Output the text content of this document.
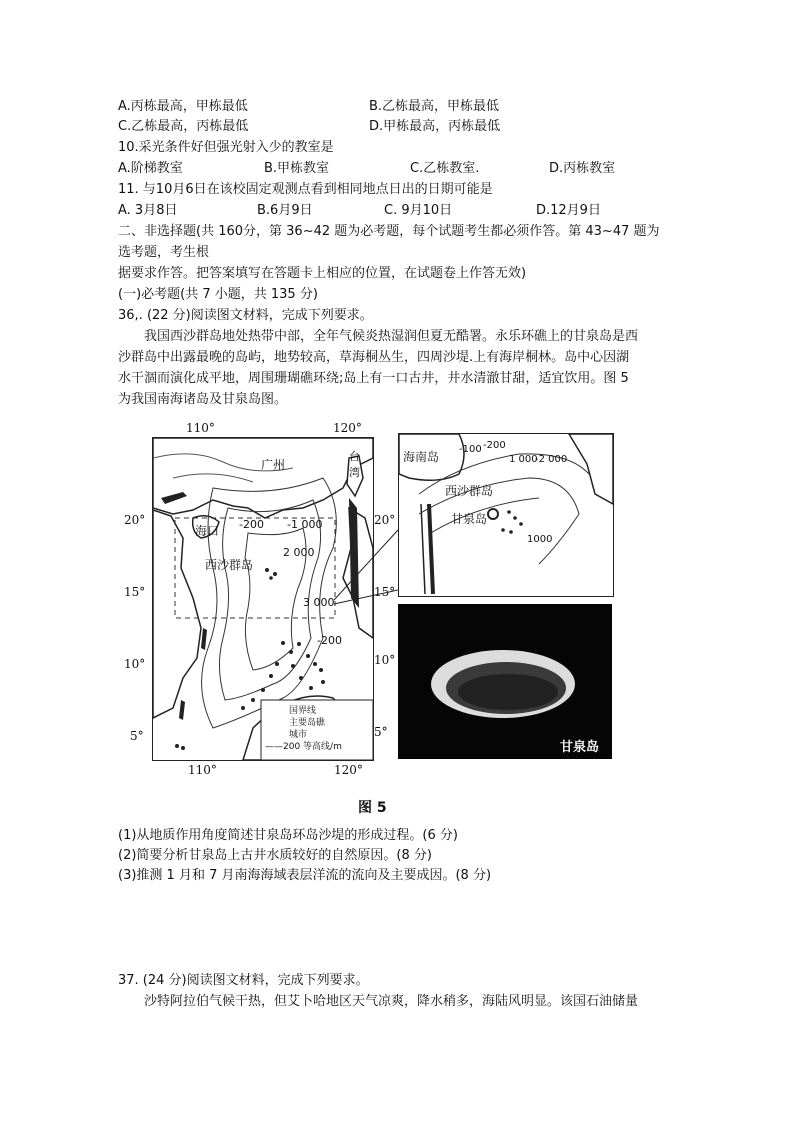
A.丙栋最高，甲栋最低	B.乙栋最高，甲栋最低
C.乙栋最高，丙栋最低	D.甲栋最高，丙栋最低
10.采光条件好但强光射入少的教室是
A.阶梯教室	B.甲栋教室	C.乙栋教室.	D.丙栋教室
11. 与10月6日在该校固定观测点看到相同地点日出的日期可能是
A. 3月8日	B.6月9日	C. 9月10日	D.12月9日
二、非选择题(共 160分，第 36~42 题为必考题，每个试题考生都必须作答。第 43~47 题为
选考题，考生根
据要求作答。把答案填写在答题卡上相应的位置，在试题卷上作答无效)
(一)必考题(共 7 小题，共 135 分)
36,. (22 分)阅读图文材料，完成下列要求。
我国西沙群岛地处热带中部，全年气候炎热湿润但夏无酷署。永乐环礁上的甘泉岛是西
沙群岛中出露最晚的岛屿，地势较高，草海桐丛生，四周沙堤.上有海岸桐林。岛中心因湖
水干涸而演化成平地，周围珊瑚礁环绕;岛上有一口古井，井水清澈甘甜，适宜饮用。图 5
为我国南海诸岛及甘泉岛图。
110°	120°
110°	120°
20°
15°
10°
5°
20°
15°
10°
5°
广州
台
湾
海口
西沙群岛
-200 -1 000
2 000
3 000
-200
国界线
主要岛礁
城市
——200 等高线/m
海南岛
西沙群岛
甘泉岛
-100 -200
1 000
-2 000
1000
甘泉岛
图 5
(1)从地质作用角度简述甘泉岛环岛沙堤的形成过程。(6 分)
(2)简要分析甘泉岛上古井水质较好的自然原因。(8 分)
(3)推测 1 月和 7 月南海海域表层洋流的流向及主要成因。(8 分)
37. (24 分)阅读图文材料，完成下列要求。
沙特阿拉伯气候干热，但艾卜哈地区天气凉爽，降水稍多，海陆风明显。该国石油储量
